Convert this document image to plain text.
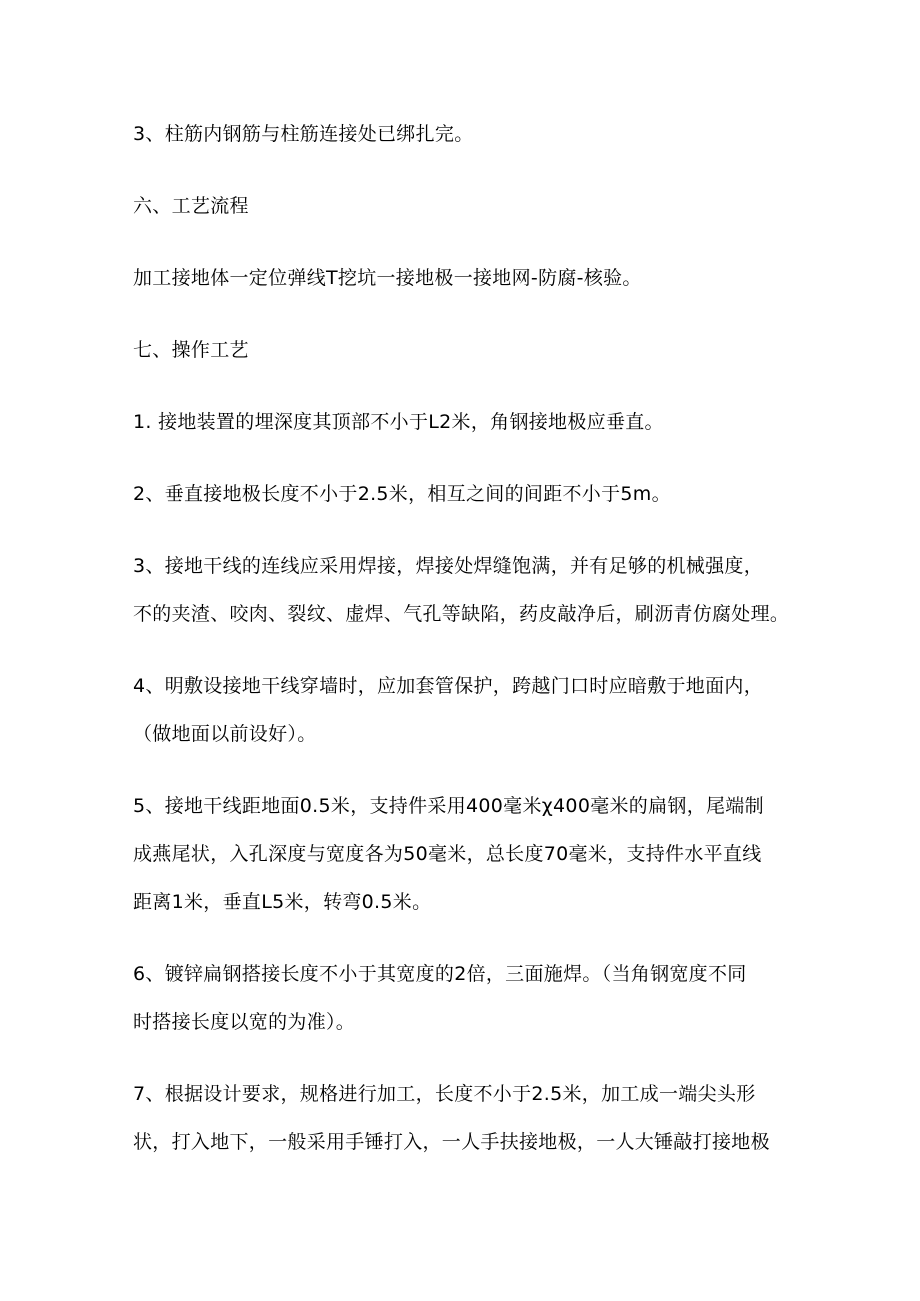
3、柱筋内钢筋与柱筋连接处已绑扎完。

六、工艺流程

加工接地体一定位弹线T挖坑一接地极一接地网-防腐-核验。

七、操作工艺

1. 接地装置的埋深度其顶部不小于L2米，角钢接地极应垂直。

2、垂直接地极长度不小于2.5米，相互之间的间距不小于5m。

3、接地干线的连线应采用焊接，焊接处焊缝饱满，并有足够的机械强度，

不的夹渣、咬肉、裂纹、虚焊、气孔等缺陷，药皮敲净后，刷沥青仿腐处理。

4、明敷设接地干线穿墙时，应加套管保护，跨越门口时应暗敷于地面内，

（做地面以前设好）。

5、接地干线距地面0.5米，支持件采用400毫米χ400毫米的扁钢，尾端制

成燕尾状，入孔深度与宽度各为50毫米，总长度70毫米，支持件水平直线

距离1米，垂直L5米，转弯0.5米。

6、镀锌扁钢搭接长度不小于其宽度的2倍，三面施焊。（当角钢宽度不同

时搭接长度以宽的为准）。

7、根据设计要求，规格进行加工，长度不小于2.5米，加工成一端尖头形

状，打入地下，一般采用手锤打入，一人手扶接地极，一人大锤敲打接地极
